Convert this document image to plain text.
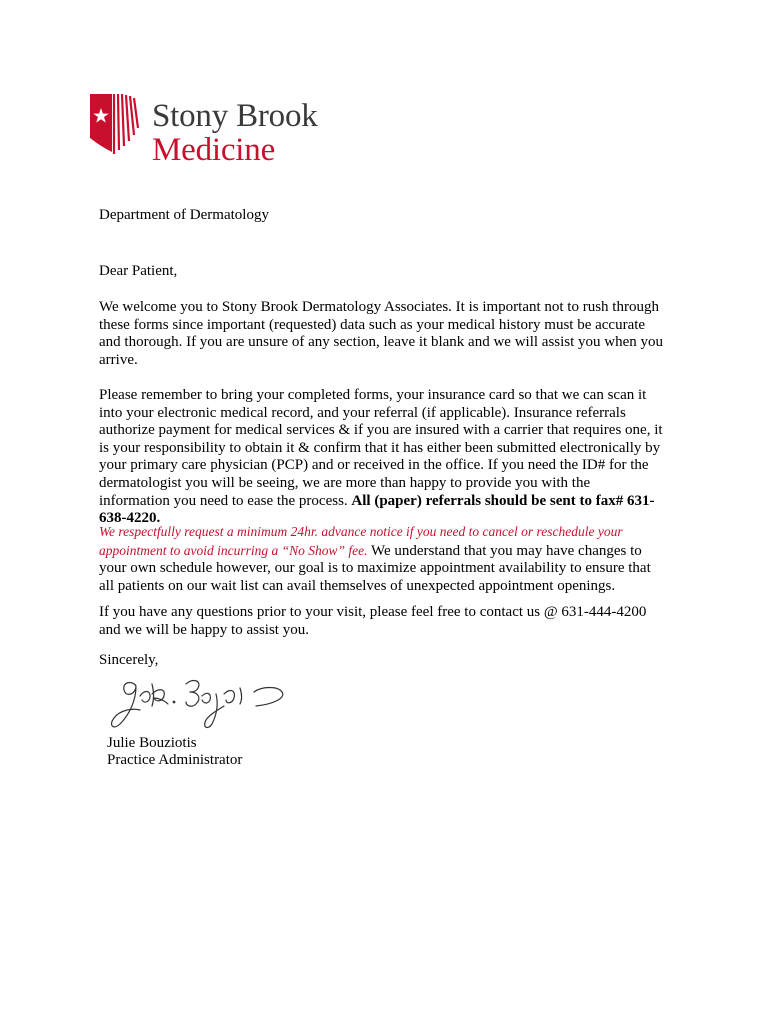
Stony Brook
Medicine
Department of Dermatology
Dear Patient,

We welcome you to Stony Brook Dermatology Associates. It is important not to rush through these forms since important (requested) data such as your medical history must be accurate and thorough. If you are unsure of any section, leave it blank and we will assist you when you arrive.

Please remember to bring your completed forms, your insurance card so that we can scan it into your electronic medical record, and your referral (if applicable). Insurance referrals authorize payment for medical services & if you are insured with a carrier that requires one, it is your responsibility to obtain it & confirm that it has either been submitted electronically by your primary care physician (PCP) and or received in the office. If you need the ID# for the dermatologist you will be seeing, we are more than happy to provide you with the information you need to ease the process. All (paper) referrals should be sent to fax# 631-638-4220.

We respectfully request a minimum 24hr. advance notice if you need to cancel or reschedule your appointment to avoid incurring a “No Show” fee. We understand that you may have changes to your own schedule however, our goal is to maximize appointment availability to ensure that all patients on our wait list can avail themselves of unexpected appointment openings.

If you have any questions prior to your visit, please feel free to contact us @ 631-444-4200 and we will be happy to assist you.

Sincerely,
Julie Bouziotis
Practice Administrator
